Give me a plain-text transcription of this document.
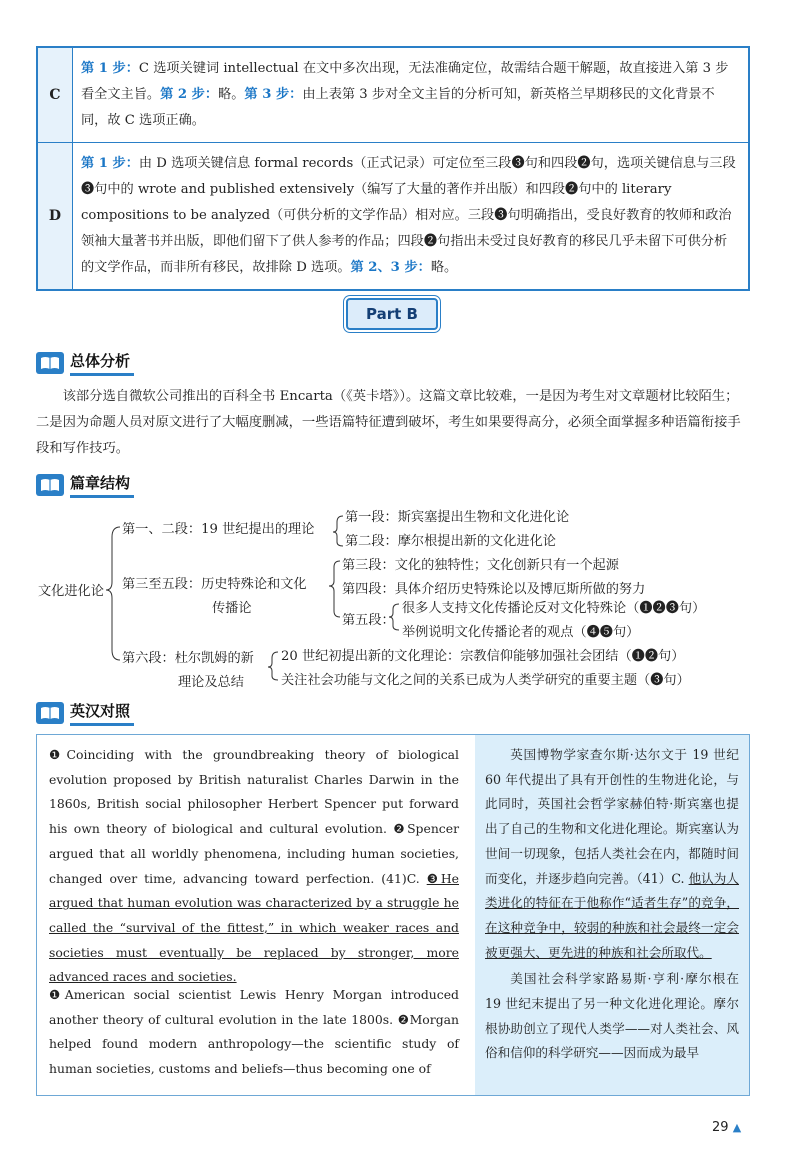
C
第 1 步：C 选项关键词 intellectual 在文中多次出现，无法准确定位，故需结合题干解题，故直接进入第 3 步看全文主旨。第 2 步：略。第 3 步：由上表第 3 步对全文主旨的分析可知，新英格兰早期移民的文化背景不同，故 C 选项正确。
D
第 1 步：由 D 选项关键信息 formal records（正式记录）可定位至三段❸句和四段❷句，选项关键信息与三段❸句中的 wrote and published extensively（编写了大量的著作并出版）和四段❷句中的 literary compositions to be analyzed（可供分析的文学作品）相对应。三段❸句明确指出，受良好教育的牧师和政治领袖大量著书并出版，即他们留下了供人参考的作品；四段❷句指出未受过良好教育的移民几乎未留下可供分析的文学作品，而非所有移民，故排除 D 选项。第 2、3 步：略。
Part B
总体分析

该部分选自微软公司推出的百科全书 Encarta（《英卡塔》）。这篇文章比较难，一是因为考生对文章题材比较陌生；二是因为命题人员对原文进行了大幅度删减，一些语篇特征遭到破坏，考生如果要得高分，必须全面掌握多种语篇衔接手段和写作技巧。

篇章结构
文化进化论
第一、二段：19 世纪提出的理论
第一段：斯宾塞提出生物和文化进化论
第二段：摩尔根提出新的文化进化论
第三至五段：历史特殊论和文化
传播论
第三段：文化的独特性；文化创新只有一个起源
第四段：具体介绍历史特殊论以及博厄斯所做的努力
第五段：
很多人支持文化传播论反对文化特殊论（❶❷❸句）
举例说明文化传播论者的观点（❹❺句）
第六段：杜尔凯姆的新
理论及总结
20 世纪初提出新的文化理论：宗教信仰能够加强社会团结（❶❷句）
关注社会功能与文化之间的关系已成为人类学研究的重要主题（❸句）
英汉对照

❶Coinciding with the groundbreaking theory of biological evolution proposed by British naturalist Charles Darwin in the 1860s, British social philosopher Herbert Spencer put forward his own theory of biological and cultural evolution. ❷Spencer argued that all worldly phenomena, including human societies, changed over time, advancing toward perfection. (41)C. ❸He argued that human evolution was characterized by a struggle he called the “survival of the fittest,” in which weaker races and societies must eventually be replaced by stronger, more advanced races and societies.

❶American social scientist Lewis Henry Morgan introduced another theory of cultural evolution in the late 1800s. ❷Morgan helped found modern anthropology—the scientific study of human societies, customs and beliefs—thus becoming one of

英国博物学家查尔斯·达尔文于 19 世纪 60 年代提出了具有开创性的生物进化论，与此同时，英国社会哲学家赫伯特·斯宾塞也提出了自己的生物和文化进化理论。斯宾塞认为世间一切现象，包括人类社会在内，都随时间而变化，并逐步趋向完善。（41）C. 他认为人类进化的特征在于他称作“适者生存”的竞争，在这种竞争中，较弱的种族和社会最终一定会被更强大、更先进的种族和社会所取代。

美国社会科学家路易斯·亨利·摩尔根在 19 世纪末提出了另一种文化进化理论。摩尔根协助创立了现代人类学——对人类社会、风俗和信仰的科学研究——因而成为最早

29 ▲
